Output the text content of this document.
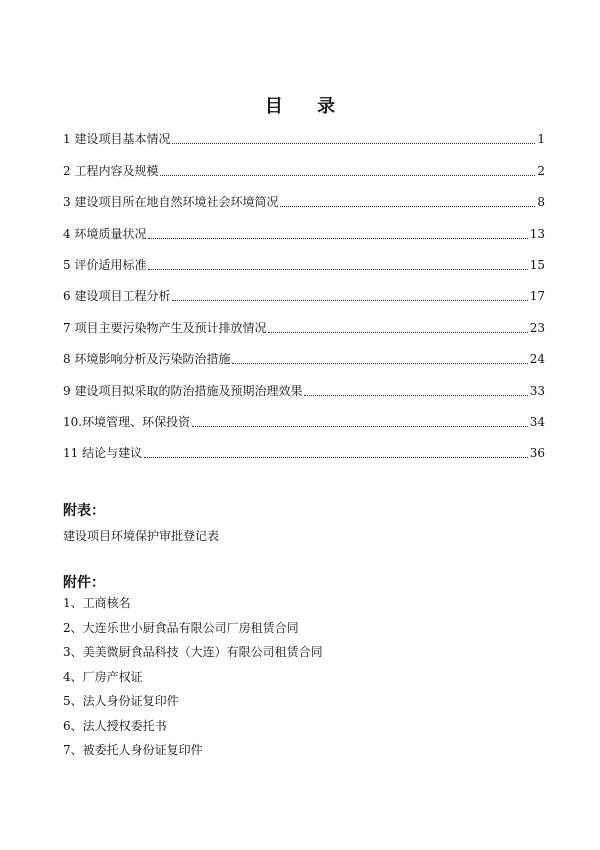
目 录
1 建设项目基本情况	1
2 工程内容及规模	2
3 建设项目所在地自然环境社会环境简况	8
4 环境质量状况	13
5 评价适用标准	15
6 建设项目工程分析	17
7 项目主要污染物产生及预计排放情况	23
8 环境影响分析及污染防治措施	24
9 建设项目拟采取的防治措施及预期治理效果	33
10.环境管理、环保投资	34
11 结论与建议	36
附表：
建设项目环境保护审批登记表
附件：
1、工商核名
2、大连乐世小厨食品有限公司厂房租赁合同
3、美美微厨食品科技（大连）有限公司租赁合同
4、厂房产权证
5、法人身份证复印件
6、法人授权委托书
7、被委托人身份证复印件
